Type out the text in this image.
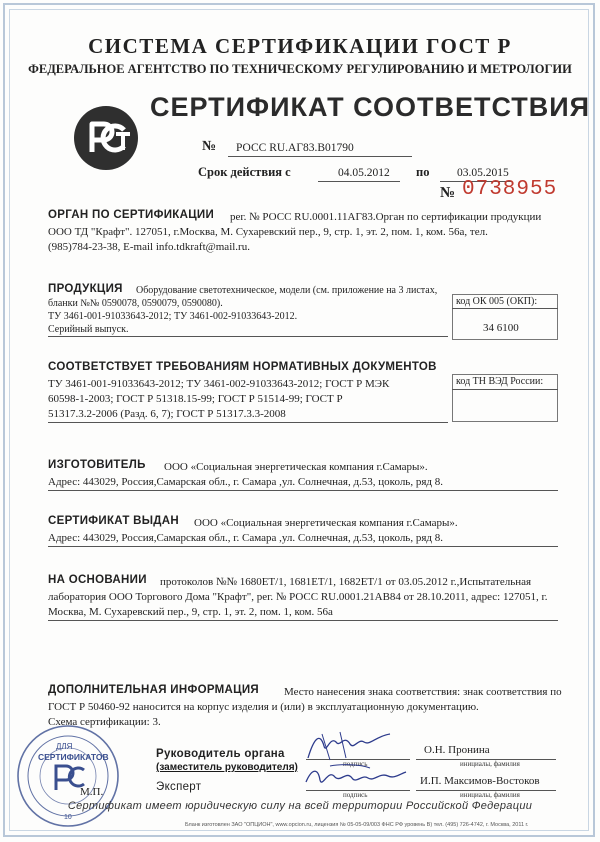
СИСТЕМА СЕРТИФИКАЦИИ ГОСТ Р
ФЕДЕРАЛЬНОЕ АГЕНТСТВО ПО ТЕХНИЧЕСКОМУ РЕГУЛИРОВАНИЮ И МЕТРОЛОГИИ
СЕРТИФИКАТ СООТВЕТСТВИЯ
№ РОСС RU.АГ83.В01790
Срок действия с	04.05.2012 по 03.05.2015
№ 0738955
ОРГАН ПО СЕРТИФИКАЦИИ рег. № РОСС RU.0001.11АГ83.Орган по сертификации продукции
ООО ТД "Крафт". 127051, г.Москва, М. Сухаревский пер., 9, стр. 1, эт. 2, пом. 1, ком. 56а, тел.
(985)784-23-38, E-mail info.tdkraft@mail.ru.
ПРОДУКЦИЯ Оборудование светотехническое, модели (см. приложение на 3 листах,
бланки №№ 0590078, 0590079, 0590080).
ТУ 3461-001-91033643-2012; ТУ 3461-002-91033643-2012.
Серийный выпуск.
код ОК 005 (ОКП):
34 6100
СООТВЕТСТВУЕТ ТРЕБОВАНИЯМ НОРМАТИВНЫХ ДОКУМЕНТОВ
ТУ 3461-001-91033643-2012; ТУ 3461-002-91033643-2012; ГОСТ Р МЭК
60598-1-2003; ГОСТ Р 51318.15-99; ГОСТ Р 51514-99; ГОСТ Р
51317.3.2-2006 (Разд. 6, 7); ГОСТ Р 51317.3.3-2008
код ТН ВЭД России:
ИЗГОТОВИТЕЛЬ ООО «Социальная энергетическая компания г.Самары».
Адрес: 443029, Россия,Самарская обл., г. Самара ,ул. Солнечная, д.53, цоколь, ряд 8.
СЕРТИФИКАТ ВЫДАН ООО «Социальная энергетическая компания г.Самары».
Адрес: 443029, Россия,Самарская обл., г. Самара ,ул. Солнечная, д.53, цоколь, ряд 8.
НА ОСНОВАНИИ протоколов №№ 1680ЕТ/1, 1681ЕТ/1, 1682ЕТ/1 от 03.05.2012 г.,Испытательная
лаборатория ООО Торгового Дома "Крафт", рег. № РОСС RU.0001.21АВ84 от 28.10.2011, адрес: 127051, г.
Москва, М. Сухаревский пер., 9, стр. 1, эт. 2, пом. 1, ком. 56а
ДОПОЛНИТЕЛЬНАЯ ИНФОРМАЦИЯ Место нанесения знака соответствия: знак соответствия по
ГОСТ Р 50460-92 наносится на корпус изделия и (или) в эксплуатационную документацию.
Схема сертификации: 3.
Руководитель органа
(заместитель руководителя)
Эксперт
подпись
подпись
О.Н. Пронина
инициалы, фамилия
И.П. Максимов-Востоков
инициалы, фамилия
ДЛЯ
СЕРТИФИКАТОВ
10
М.П.
Сертификат имеет юридическую силу на всей территории Российской Федерации
Бланк изготовлен ЗАО "ОПЦИОН", www.opcion.ru, лицензия № 05-05-09/003 ФНС РФ уровень В) тел. (495) 726-4742, г. Москва, 2011 г.
